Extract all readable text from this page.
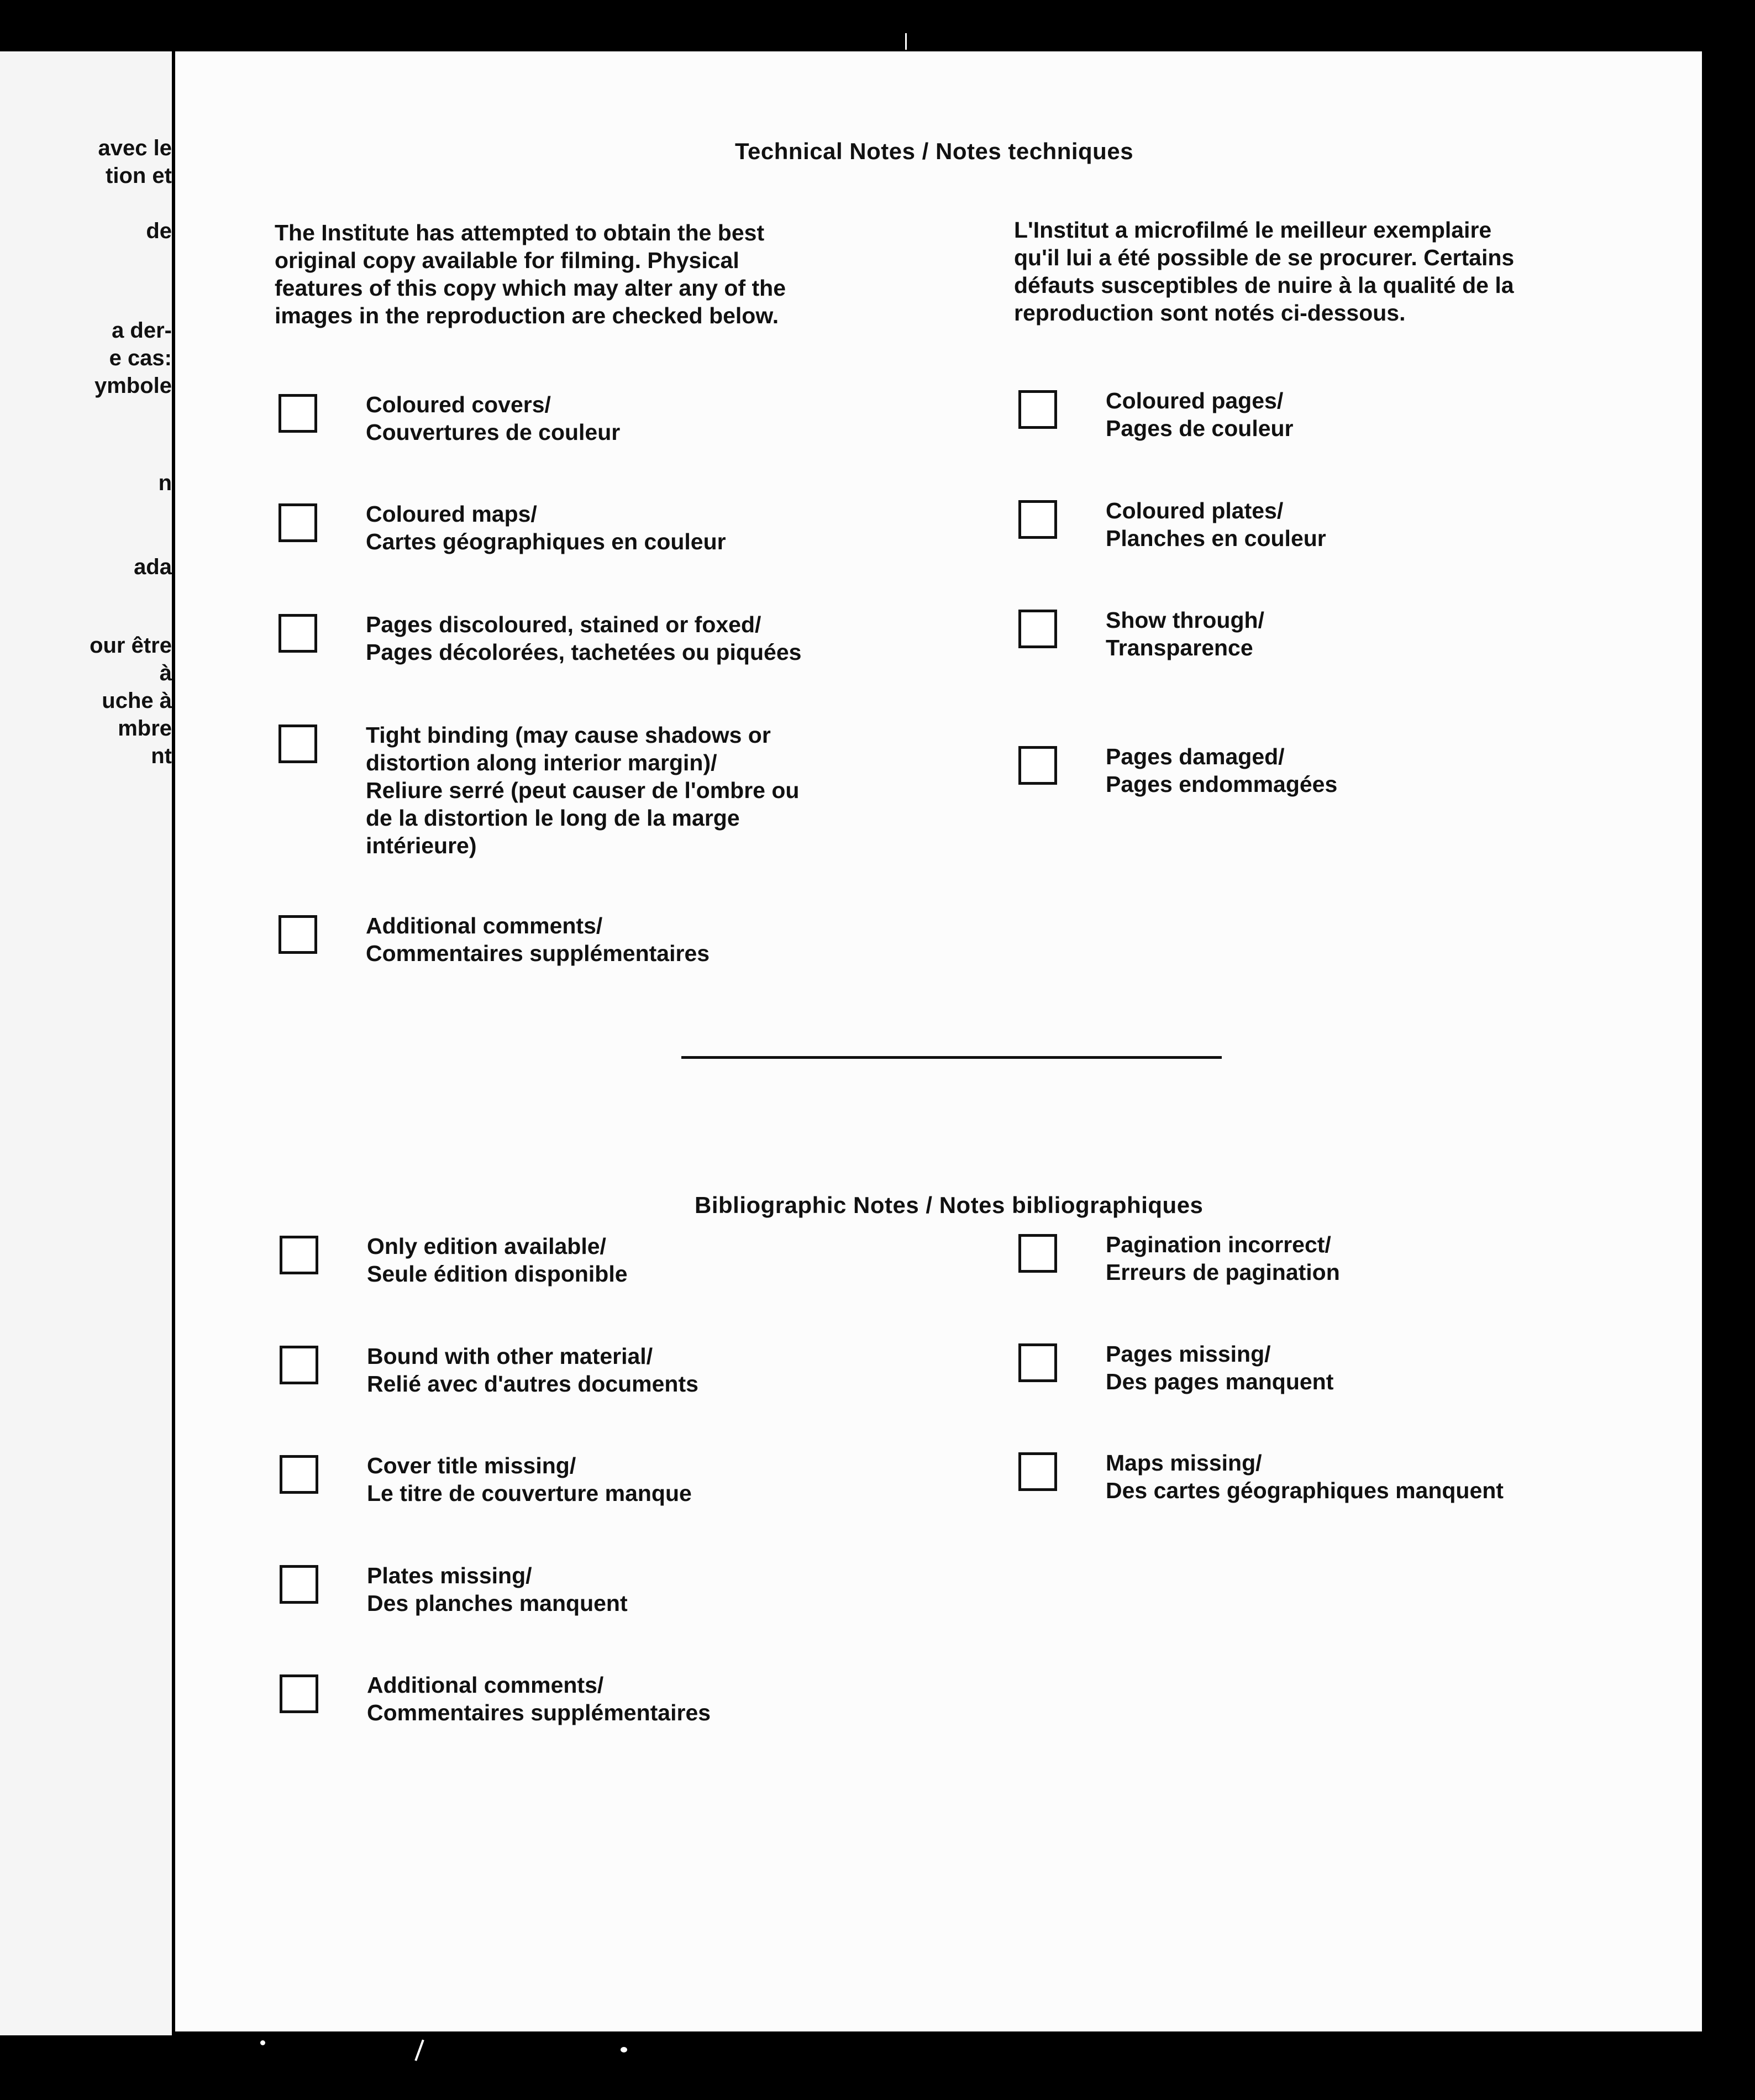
avec le
tion et
de
a der-
e cas:
ymbole
n
ada
our être
à
uche à
mbre
nt
Technical Notes / Notes techniques
The Institute has attempted to obtain the best
original copy available for filming. Physical
features of this copy which may alter any of the
images in the reproduction are checked below.
L'Institut a microfilmé le meilleur exemplaire
qu'il lui a été possible de se procurer. Certains
défauts susceptibles de nuire à la qualité de la
reproduction sont notés ci-dessous.
Coloured covers/
Couvertures de couleur
Coloured maps/
Cartes géographiques en couleur
Pages discoloured, stained or foxed/
Pages décolorées, tachetées ou piquées
Tight binding (may cause shadows or
distortion along interior margin)/
Reliure serré (peut causer de l'ombre ou
de la distortion le long de la marge
intérieure)
Additional comments/
Commentaires supplémentaires
Coloured pages/
Pages de couleur
Coloured plates/
Planches en couleur
Show through/
Transparence
Pages damaged/
Pages endommagées
Bibliographic Notes / Notes bibliographiques
Only edition available/
Seule édition disponible
Bound with other material/
Relié avec d'autres documents
Cover title missing/
Le titre de couverture manque
Plates missing/
Des planches manquent
Additional comments/
Commentaires supplémentaires
Pagination incorrect/
Erreurs de pagination
Pages missing/
Des pages manquent
Maps missing/
Des cartes géographiques manquent
